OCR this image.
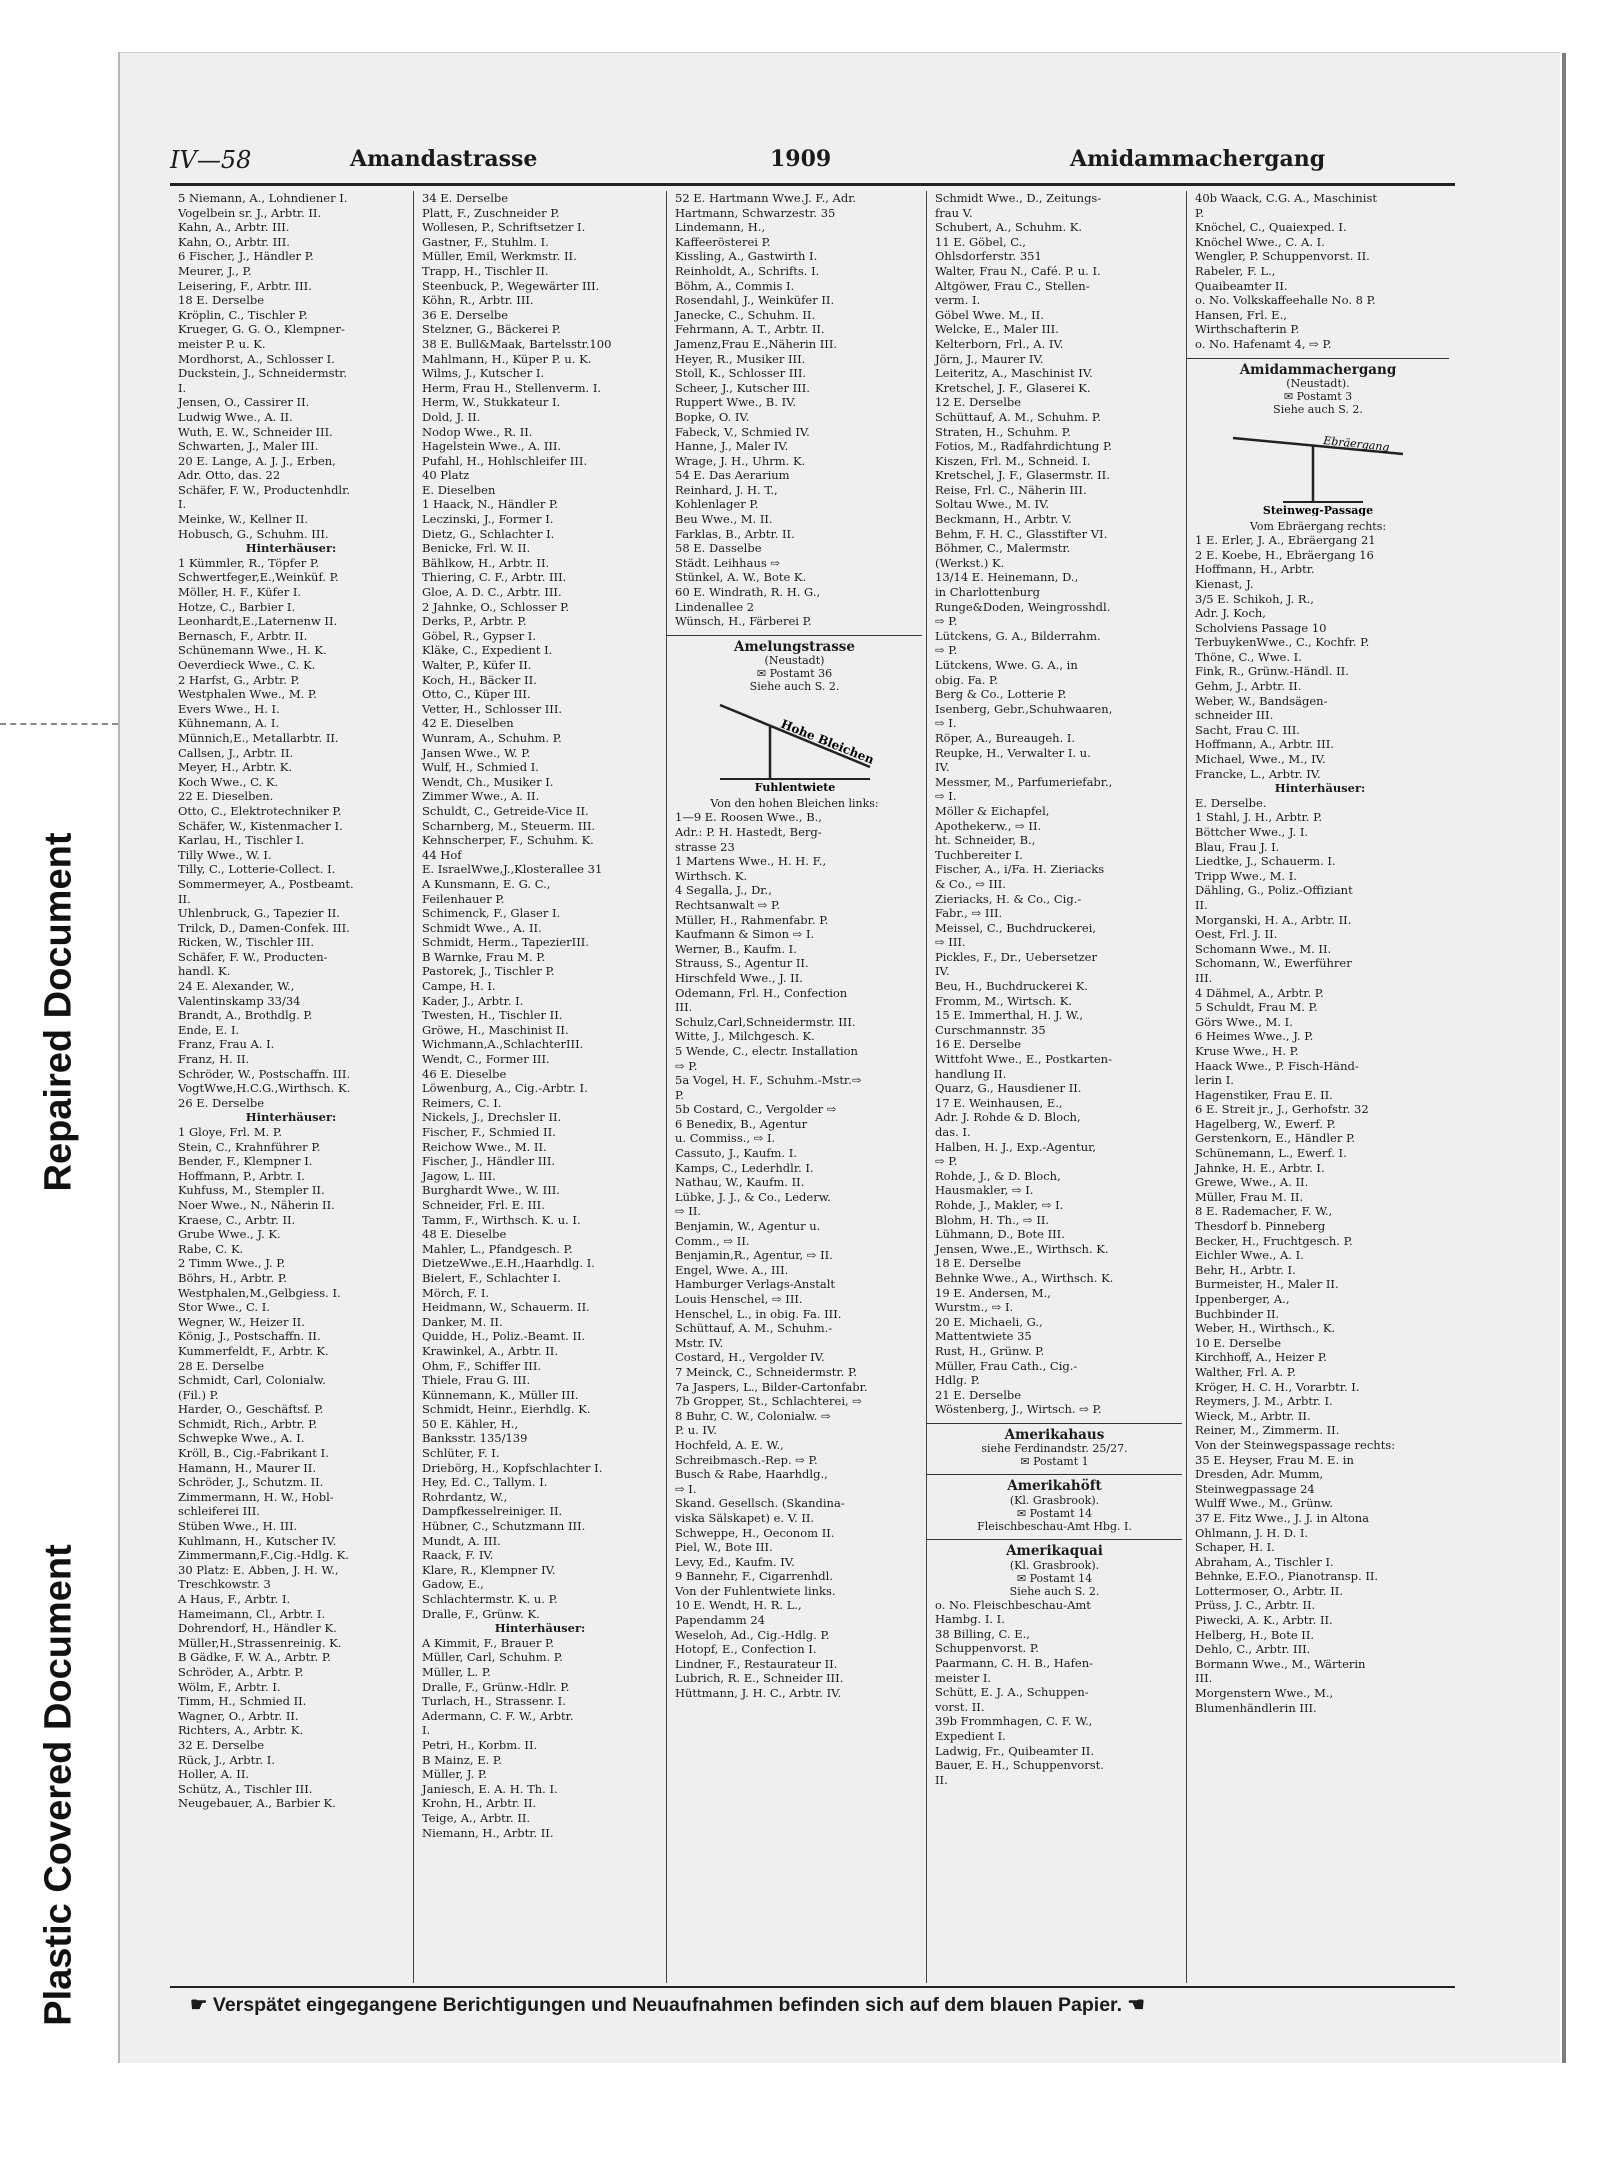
Repaired Document
Plastic Covered Document
IV—58	Amandastrasse	1909	Amidammachergang
5 Niemann, A., Lohndiener I.
Vogelbein sr. J., Arbtr. II.
Kahn, A., Arbtr. III.
Kahn, O., Arbtr. III.
6 Fischer, J., Händler P.
Meurer, J., P.
Leisering, F., Arbtr. III.
18 E. Derselbe
Kröplin, C., Tischler P.
Krueger, G. G. O., Klempner-
meister P. u. K.
Mordhorst, A., Schlosser I.
Duckstein, J., Schneidermstr.
I.
Jensen, O., Cassirer II.
Ludwig Wwe., A. II.
Wuth, E. W., Schneider III.
Schwarten, J., Maler III.
20 E. Lange, A. J. J., Erben,
Adr. Otto, das. 22
Schäfer, F. W., Productenhdlr.
I.
Meinke, W., Kellner II.
Hobusch, G., Schuhm. III.
Hinterhäuser:
1 Kümmler, R., Töpfer P.
Schwertfeger,E.,Weinküf. P.
Möller, H. F., Küfer I.
Hotze, C., Barbier I.
Leonhardt,E.,Laternenw II.
Bernasch, F., Arbtr. II.
Schünemann Wwe., H. K.
Oeverdieck Wwe., C. K.
2 Harfst, G., Arbtr. P.
Westphalen Wwe., M. P.
Evers Wwe., H. I.
Kühnemann, A. I.
Münnich,E., Metallarbtr. II.
Callsen, J., Arbtr. II.
Meyer, H., Arbtr. K.
Koch Wwe., C. K.
22 E. Dieselben.
Otto, C., Elektrotechniker P.
Schäfer, W., Kistenmacher I.
Karlau, H., Tischler I.
Tilly Wwe., W. I.
Tilly, C., Lotterie-Collect. I.
Sommermeyer, A., Postbeamt.
II.
Uhlenbruck, G., Tapezier II.
Trilck, D., Damen-Confek. III.
Ricken, W., Tischler III.
Schäfer, F. W., Producten-
handl. K.
24 E. Alexander, W.,
Valentinskamp 33/34
Brandt, A., Brothdlg. P.
Ende, E. I.
Franz, Frau A. I.
Franz, H. II.
Schröder, W., Postschaffn. III.
VogtWwe,H.C.G.,Wirthsch. K.
26 E. Derselbe
Hinterhäuser:
1 Gloye, Frl. M. P.
Stein, C., Krahnführer P.
Bender, F., Klempner I.
Hoffmann, P., Arbtr. I.
Kuhfuss, M., Stempler II.
Noer Wwe., N., Näherin II.
Kraese, C., Arbtr. II.
Grube Wwe., J. K.
Rabe, C. K.
2 Timm Wwe., J. P.
Böhrs, H., Arbtr. P.
Westphalen,M.,Gelbgiess. I.
Stor Wwe., C. I.
Wegner, W., Heizer II.
König, J., Postschaffn. II.
Kummerfeldt, F., Arbtr. K.
28 E. Derselbe
Schmidt, Carl, Colonialw.
(Fil.) P.
Harder, O., Geschäftsf. P.
Schmidt, Rich., Arbtr. P.
Schwepke Wwe., A. I.
Kröll, B., Cig.-Fabrikant I.
Hamann, H., Maurer II.
Schröder, J., Schutzm. II.
Zimmermann, H. W., Hobl-
schleiferei III.
Stüben Wwe., H. III.
Kuhlmann, H., Kutscher IV.
Zimmermann,F.,Cig.-Hdlg. K.
30 Platz: E. Abben, J. H. W.,
Treschkowstr. 3
A Haus, F., Arbtr. I.
Hameimann, Cl., Arbtr. I.
Dohrendorf, H., Händler K.
Müller,H.,Strassenreinig. K.
B Gädke, F. W. A., Arbtr. P.
Schröder, A., Arbtr. P.
Wölm, F., Arbtr. I.
Timm, H., Schmied II.
Wagner, O., Arbtr. II.
Richters, A., Arbtr. K.
32 E. Derselbe
Rück, J., Arbtr. I.
Holler, A. II.
Schütz, A., Tischler III.
Neugebauer, A., Barbier K.
34 E. Derselbe
Platt, F., Zuschneider P.
Wollesen, P., Schriftsetzer I.
Gastner, F., Stuhlm. I.
Müller, Emil, Werkmstr. II.
Trapp, H., Tischler II.
Steenbuck, P., Wegewärter III.
Köhn, R., Arbtr. III.
36 E. Derselbe
Stelzner, G., Bäckerei P.
38 E. Bull&Maak, Bartelsstr.100
Mahlmann, H., Küper P. u. K.
Wilms, J., Kutscher I.
Herm, Frau H., Stellenverm. I.
Herm, W., Stukkateur I.
Dold, J. II.
Nodop Wwe., R. II.
Hagelstein Wwe., A. III.
Pufahl, H., Hohlschleifer III.
40 Platz
E. Dieselben
1 Haack, N., Händler P.
Leczinski, J., Former I.
Dietz, G., Schlachter I.
Benicke, Frl. W. II.
Bählkow, H., Arbtr. II.
Thiering, C. F., Arbtr. III.
Gloe, A. D. C., Arbtr. III.
2 Jahnke, O., Schlosser P.
Derks, P., Arbtr. P.
Göbel, R., Gypser I.
Kläke, C., Expedient I.
Walter, P., Küfer II.
Koch, H., Bäcker II.
Otto, C., Küper III.
Vetter, H., Schlosser III.
42 E. Dieselben
Wunram, A., Schuhm. P.
Jansen Wwe., W. P.
Wulf, H., Schmied I.
Wendt, Ch., Musiker I.
Zimmer Wwe., A. II.
Schuldt, C., Getreide-Vice II.
Scharnberg, M., Steuerm. III.
Kehnscherper, F., Schuhm. K.
44 Hof
E. IsraelWwe,J.,Klosterallee 31
A Kunsmann, E. G. C.,
Feilenhauer P.
Schimenck, F., Glaser I.
Schmidt Wwe., A. II.
Schmidt, Herm., TapezierIII.
B Warnke, Frau M. P.
Pastorek, J., Tischler P.
Campe, H. I.
Kader, J., Arbtr. I.
Twesten, H., Tischler II.
Gröwe, H., Maschinist II.
Wichmann,A.,SchlachterIII.
Wendt, C., Former III.
46 E. Dieselbe
Löwenburg, A., Cig.-Arbtr. I.
Reimers, C. I.
Nickels, J., Drechsler II.
Fischer, F., Schmied II.
Reichow Wwe., M. II.
Fischer, J., Händler III.
Jagow, L. III.
Burghardt Wwe., W. III.
Schneider, Frl. E. III.
Tamm, F., Wirthsch. K. u. I.
48 E. Dieselbe
Mahler, L., Pfandgesch. P.
DietzeWwe.,E.H.,Haarhdlg. I.
Bielert, F., Schlachter I.
Mörch, F. I.
Heidmann, W., Schauerm. II.
Danker, M. II.
Quidde, H., Poliz.-Beamt. II.
Krawinkel, A., Arbtr. II.
Ohm, F., Schiffer III.
Thiele, Frau G. III.
Künnemann, K., Müller III.
Schmidt, Heinr., Eierhdlg. K.
50 E. Kähler, H.,
Banksstr. 135/139
Schlüter, F. I.
Driebörg, H., Kopfschlachter I.
Hey, Ed. C., Tallym. I.
Rohrdantz, W.,
Dampfkesselreiniger. II.
Hübner, C., Schutzmann III.
Mundt, A. III.
Raack, F. IV.
Klare, R., Klempner IV.
Gadow, E.,
Schlachtermstr. K. u. P.
Dralle, F., Grünw. K.
Hinterhäuser:
A Kimmit, F., Brauer P.
Müller, Carl, Schuhm. P.
Müller, L. P.
Dralle, F., Grünw.-Hdlr. P.
Turlach, H., Strassenr. I.
Adermann, C. F. W., Arbtr.
I.
Petri, H., Korbm. II.
B Mainz, E. P.
Müller, J. P.
Janiesch, E. A. H. Th. I.
Krohn, H., Arbtr. II.
Teige, A., Arbtr. II.
Niemann, H., Arbtr. II.
52 E. Hartmann Wwe.J. F., Adr.
Hartmann, Schwarzestr. 35
Lindemann, H.,
Kaffeerösterei P.
Kissling, A., Gastwirth I.
Reinholdt, A., Schrifts. I.
Böhm, A., Commis I.
Rosendahl, J., Weinküfer II.
Janecke, C., Schuhm. II.
Fehrmann, A. T., Arbtr. II.
Jamenz,Frau E.,Näherin III.
Heyer, R., Musiker III.
Stoll, K., Schlosser III.
Scheer, J., Kutscher III.
Ruppert Wwe., B. IV.
Bopke, O. IV.
Fabeck, V., Schmied IV.
Hanne, J., Maler IV.
Wrage, J. H., Uhrm. K.
54 E. Das Aerarium
Reinhard, J. H. T.,
Kohlenlager P.
Beu Wwe., M. II.
Farklas, B., Arbtr. II.
58 E. Dasselbe
Städt. Leihhaus ⇨
Stünkel, A. W., Bote K.
60 E. Windrath, R. H. G.,
Lindenallee 2
Wünsch, H., Färberei P.
Amelungstrasse
(Neustadt)
✉ Postamt 36
Siehe auch S. 2.
Hohe Bleichen
Fuhlentwiete
Von den hohen Bleichen links:
1—9 E. Roosen Wwe., B.,
Adr.: P. H. Hastedt, Berg-
strasse 23
1 Martens Wwe., H. H. F.,
Wirthsch. K.
4 Segalla, J., Dr.,
Rechtsanwalt ⇨ P.
Müller, H., Rahmenfabr. P.
Kaufmann & Simon ⇨ I.
Werner, B., Kaufm. I.
Strauss, S., Agentur II.
Hirschfeld Wwe., J. II.
Odemann, Frl. H., Confection
III.
Schulz,Carl,Schneidermstr. III.
Witte, J., Milchgesch. K.
5 Wende, C., electr. Installation
⇨ P.
5a Vogel, H. F., Schuhm.-Mstr.⇨
P.
5b Costard, C., Vergolder ⇨
6 Benedix, B., Agentur
u. Commiss., ⇨ I.
Cassuto, J., Kaufm. I.
Kamps, C., Lederhdlr. I.
Nathau, W., Kaufm. II.
Lübke, J. J., & Co., Lederw.
⇨ II.
Benjamin, W., Agentur u.
Comm., ⇨ II.
Benjamin,R., Agentur, ⇨ II.
Engel, Wwe. A., III.
Hamburger Verlags-Anstalt
Louis Henschel, ⇨ III.
Henschel, L., in obig. Fa. III.
Schüttauf, A. M., Schuhm.-
Mstr. IV.
Costard, H., Vergolder IV.
7 Meinck, C., Schneidermstr. P.
7a Jaspers, L., Bilder-Cartonfabr.
7b Gropper, St., Schlachterei, ⇨
8 Buhr, C. W., Colonialw. ⇨
P. u. IV.
Hochfeld, A. E. W.,
Schreibmasch.-Rep. ⇨ P.
Busch & Rabe, Haarhdlg.,
⇨ I.
Skand. Gesellsch. (Skandina-
viska Sälskapet) e. V. II.
Schweppe, H., Oeconom II.
Piel, W., Bote III.
Levy, Ed., Kaufm. IV.
9 Bannehr, F., Cigarrenhdl.
Von der Fuhlentwiete links.
10 E. Wendt, H. R. L.,
Papendamm 24
Weseloh, Ad., Cig.-Hdlg. P.
Hotopf, E., Confection I.
Lindner, F., Restaurateur II.
Lubrich, R. E., Schneider III.
Hüttmann, J. H. C., Arbtr. IV.
Schmidt Wwe., D., Zeitungs-
frau V.
Schubert, A., Schuhm. K.
11 E. Göbel, C.,
Ohlsdorferstr. 351
Walter, Frau N., Café. P. u. I.
Altgöwer, Frau C., Stellen-
verm. I.
Göbel Wwe. M., II.
Welcke, E., Maler III.
Kelterborn, Frl., A. IV.
Jörn, J., Maurer IV.
Leiteritz, A., Maschinist IV.
Kretschel, J. F., Glaserei K.
12 E. Derselbe
Schüttauf, A. M., Schuhm. P.
Straten, H., Schuhm. P.
Fotios, M., Radfahrdichtung P.
Kiszen, Frl. M., Schneid. I.
Kretschel, J. F., Glasermstr. II.
Reise, Frl. C., Näherin III.
Soltau Wwe., M. IV.
Beckmann, H., Arbtr. V.
Behm, F. H. C., Glasstifter VI.
Böhmer, C., Malermstr.
(Werkst.) K.
13/14 E. Heinemann, D.,
in Charlottenburg
Runge&Doden, Weingrosshdl.
⇨ P.
Lütckens, G. A., Bilderrahm.
⇨ P.
Lütckens, Wwe. G. A., in
obig. Fa. P.
Berg & Co., Lotterie P.
Isenberg, Gebr.,Schuhwaaren,
⇨ I.
Röper, A., Bureaugeh. I.
Reupke, H., Verwalter I. u.
IV.
Messmer, M., Parfumeriefabr.,
⇨ I.
Möller & Eichapfel,
Apothekerw., ⇨ II.
ht. Schneider, B.,
Tuchbereiter I.
Fischer, A., i/Fa. H. Zieriacks
& Co., ⇨ III.
Zieriacks, H. & Co., Cig.-
Fabr., ⇨ III.
Meissel, C., Buchdruckerei,
⇨ III.
Pickles, F., Dr., Uebersetzer
IV.
Beu, H., Buchdruckerei K.
Fromm, M., Wirtsch. K.
15 E. Immerthal, H. J. W.,
Curschmannstr. 35
16 E. Derselbe
Wittfoht Wwe., E., Postkarten-
handlung II.
Quarz, G., Hausdiener II.
17 E. Weinhausen, E.,
Adr. J. Rohde & D. Bloch,
das. I.
Halben, H. J., Exp.-Agentur,
⇨ P.
Rohde, J., & D. Bloch,
Hausmakler, ⇨ I.
Rohde, J., Makler, ⇨ I.
Blohm, H. Th., ⇨ II.
Lühmann, D., Bote III.
Jensen, Wwe.,E., Wirthsch. K.
18 E. Derselbe
Behnke Wwe., A., Wirthsch. K.
19 E. Andersen, M.,
Wurstm., ⇨ I.
20 E. Michaeli, G.,
Mattentwiete 35
Rust, H., Grünw. P.
Müller, Frau Cath., Cig.-
Hdlg. P.
21 E. Derselbe
Wöstenberg, J., Wirtsch. ⇨ P.
Amerikahaus
siehe Ferdinandstr. 25/27.
✉ Postamt 1
Amerikahöft
(Kl. Grasbrook).
✉ Postamt 14
Fleischbeschau-Amt Hbg. I.
Amerikaquai
(Kl. Grasbrook).
✉ Postamt 14
Siehe auch S. 2.
o. No. Fleischbeschau-Amt
Hambg. I. I.
38 Billing, C. E.,
Schuppenvorst. P.
Paarmann, C. H. B., Hafen-
meister I.
Schütt, E. J. A., Schuppen-
vorst. II.
39b Frommhagen, C. F. W.,
Expedient I.
Ladwig, Fr., Quibeamter II.
Bauer, E. H., Schuppenvorst.
II.
40b Waack, C.G. A., Maschinist
P.
Knöchel, C., Quaiexped. I.
Knöchel Wwe., C. A. I.
Wengler, P. Schuppenvorst. II.
Rabeler, F. L.,
Quaibeamter II.
o. No. Volkskaffeehalle No. 8 P.
Hansen, Frl. E.,
Wirthschafterin P.
o. No. Hafenamt 4, ⇨ P.
Amidammachergang
(Neustadt).
✉ Postamt 3
Siehe auch S. 2.
Ebräergang
Steinweg-Passage
Vom Ebräergang rechts:
1 E. Erler, J. A., Ebräergang 21
2 E. Koebe, H., Ebräergang 16
Hoffmann, H., Arbtr.
Kienast, J.
3/5 E. Schikoh, J. R.,
Adr. J. Koch,
Scholviens Passage 10
TerbuykenWwe., C., Kochfr. P.
Thöne, C., Wwe. I.
Fink, R., Grünw.-Händl. II.
Gehm, J., Arbtr. II.
Weber, W., Bandsägen-
schneider III.
Sacht, Frau C. III.
Hoffmann, A., Arbtr. III.
Michael, Wwe., M., IV.
Francke, L., Arbtr. IV.
Hinterhäuser:
E. Derselbe.
1 Stahl, J. H., Arbtr. P.
Böttcher Wwe., J. I.
Blau, Frau J. I.
Liedtke, J., Schauerm. I.
Tripp Wwe., M. I.
Dähling, G., Poliz.-Offiziant
II.
Morganski, H. A., Arbtr. II.
Oest, Frl. J. II.
Schomann Wwe., M. II.
Schomann, W., Ewerführer
III.
4 Dähmel, A., Arbtr. P.
5 Schuldt, Frau M. P.
Görs Wwe., M. I.
6 Heimes Wwe., J. P.
Kruse Wwe., H. P.
Haack Wwe., P. Fisch-Händ-
lerin I.
Hagenstiker, Frau E. II.
6 E. Streit jr., J., Gerhofstr. 32
Hagelberg, W., Ewerf. P.
Gerstenkorn, E., Händler P.
Schünemann, L., Ewerf. I.
Jahnke, H. E., Arbtr. I.
Grewe, Wwe., A. II.
Müller, Frau M. II.
8 E. Rademacher, F. W.,
Thesdorf b. Pinneberg
Becker, H., Fruchtgesch. P.
Eichler Wwe., A. I.
Behr, H., Arbtr. I.
Burmeister, H., Maler II.
Ippenberger, A.,
Buchbinder II.
Weber, H., Wirthsch., K.
10 E. Derselbe
Kirchhoff, A., Heizer P.
Walther, Frl. A. P.
Kröger, H. C. H., Vorarbtr. I.
Reymers, J. M., Arbtr. I.
Wieck, M., Arbtr. II.
Reiner, M., Zimmerm. II.
Von der Steinwegspassage rechts:
35 E. Heyser, Frau M. E. in
Dresden, Adr. Mumm,
Steinwegpassage 24
Wulff Wwe., M., Grünw.
37 E. Fitz Wwe., J. J. in Altona
Ohlmann, J. H. D. I.
Schaper, H. I.
Abraham, A., Tischler I.
Behnke, E.F.O., Pianotransp. II.
Lottermoser, O., Arbtr. II.
Prüss, J. C., Arbtr. II.
Piwecki, A. K., Arbtr. II.
Helberg, H., Bote II.
Dehlo, C., Arbtr. III.
Bormann Wwe., M., Wärterin
III.
Morgenstern Wwe., M.,
Blumenhändlerin III.
☛ Verspätet eingegangene Berichtigungen und Neuaufnahmen befinden sich auf dem blauen Papier. ☚
